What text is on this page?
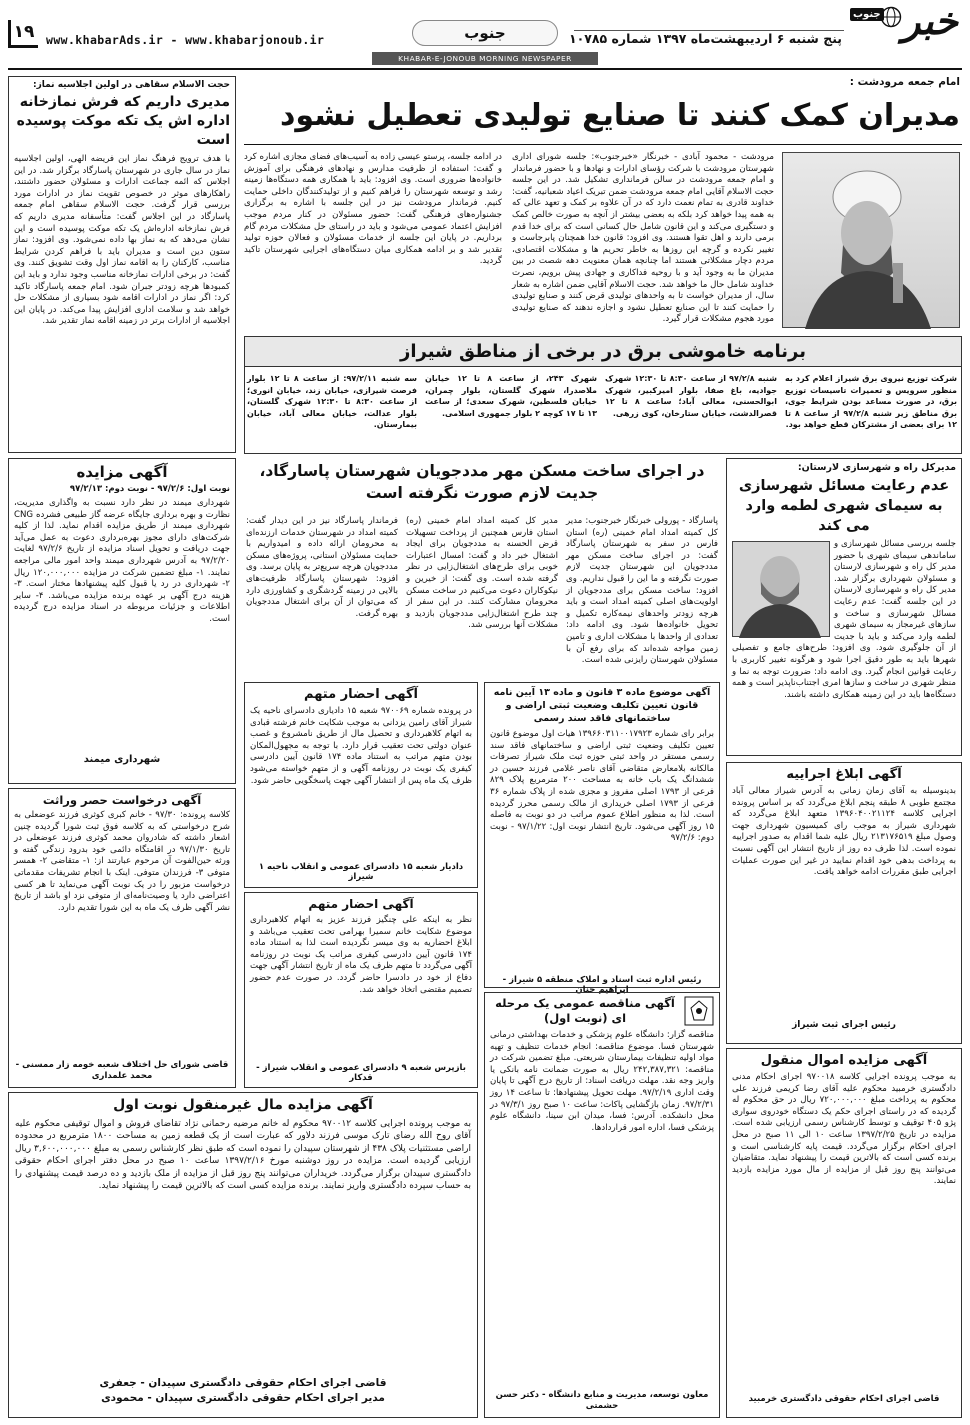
خبر
جنوب
پنج شنبه ۶ اردیبهشت‌ماه ۱۳۹۷ شماره ۱۰۷۸۵
جنوب
www.khabarAds.ir - www.khabarjonoub.ir
۱۹
KHABAR-E-JONOUB MORNING NEWSPAPER
حجت الاسلام سقاهی در اولین اجلاسیه نماز:
مدیری داریم که فرش نمازخانه اداره اش یک تکه موکت پوسیده است
با هدف ترویج فرهنگ نماز این فریضه الهی، اولین اجلاسیه نماز در سال جاری در شهرستان پاسارگاد برگزار شد. در این اجلاس که ائمه جماعت ادارات و مسئولان حضور داشتند، راهکارهای موثر در خصوص تقویت نماز در ادارات مورد بررسی قرار گرفت. حجت الاسلام سقاهی امام جمعه پاسارگاد در این اجلاس گفت: متأسفانه مدیری داریم که فرش نمازخانه اداره‌اش یک تکه موکت پوسیده است و این نشان می‌دهد که به نماز بها داده نمی‌شود. وی افزود: نماز ستون دین است و مدیران باید با فراهم کردن شرایط مناسب، کارکنان را به اقامه نماز اول وقت تشویق کنند. وی گفت: در برخی ادارات نمازخانه مناسب وجود ندارد و باید این کمبودها هرچه زودتر جبران شود. امام جمعه پاسارگاد تاکید کرد: اگر نماز در ادارات اقامه شود بسیاری از مشکلات حل خواهد شد و سلامت اداری افزایش پیدا می‌کند. در پایان این اجلاسیه از ادارات برتر در زمینه اقامه نماز تقدیر شد.
امام جمعه مرودشت :
مدیران کمک کنند تا صنایع تولیدی تعطیل نشود
مرودشت - محمود آبادی - خبرنگار «خبرجنوب»: جلسه شورای اداری شهرستان مرودشت با شرکت رؤسای ادارات و نهادها و با حضور فرماندار و امام جمعه مرودشت در سالن فرمانداری تشکیل شد. در این جلسه حجت الاسلام آقایی امام جمعه مرودشت ضمن تبریک اعیاد شعبانیه، گفت: خداوند قادری به تمام نعمت دارد که در آن علاوه بر کمک و تعهد عالی که به همه پیدا خواهد کرد بلکه به بعضی بیشتر از آنچه به صورت خالص کمک و دستگیری می‌کند و این قانون شامل حال کسانی است که برای خدا قدم برمی دارند و اهل تقوا هستند. وی افزود: قانون خدا همچنان پابرجاست و تغییر نکرده و گرچه این روزها به خاطر تحریم ها و مشکلات اقتصادی، مردم دچار مشکلاتی هستند اما چنانچه همان معنویت دهه شصت در بین مدیران ما به وجود آید و با روحیه فداکاری و جهادی پیش برویم، نصرت خداوند شامل حال ما خواهد شد. حجت الاسلام آقایی ضمن اشاره به شعار سال، از مدیران خواست تا به واحدهای تولیدی قرض کنند و صنایع تولیدی را حمایت کنند تا این صنایع تعطیل نشود و اجازه ندهند که صنایع تولیدی مورد هجوم مشکلات قرار گیرد.
در ادامه جلسه، پرستو عیسی زاده به آسیب‌های فضای مجازی اشاره کرد و گفت: استفاده از ظرفیت مدارس و نهادهای فرهنگی برای آموزش خانواده‌ها ضروری است. وی افزود: باید با همکاری همه دستگاه‌ها زمینه رشد و توسعه شهرستان را فراهم کنیم و از تولیدکنندگان داخلی حمایت کنیم. فرماندار مرودشت نیز در این جلسه با اشاره به برگزاری جشنواره‌های فرهنگی گفت: حضور مسئولان در کنار مردم موجب افزایش اعتماد عمومی می‌شود و باید در راستای حل مشکلات مردم گام برداریم. در پایان این جلسه از خدمات مسئولان و فعالان حوزه تولید تقدیر شد و بر ادامه همکاری میان دستگاه‌های اجرایی شهرستان تاکید گردید.
برنامه خاموشی برق در برخی از مناطق شیراز
شرکت توزیع نیروی برق شیراز اعلام کرد به منظور سرویس و تعمیرات تاسیسات توزیع برق، در صورت مساعد بودن شرایط جوی، برق مناطق زیر شنبه ۹۷/۲/۸ از ساعت ۸ تا ۱۲ برای بعضی از مشترکان قطع خواهد بود.
شنبه ۹۷/۲/۸ از ساعت ۸:۳۰ تا ۱۲:۳۰ شهرک جوادیه، باغ صفا، بلوار امیرکبیر، شهرک ابوالحسنی، معالی آباد؛ ساعت ۸ تا ۱۲ قصرالدشت، خیابان ستارخان، کوی زرهی.
شهرک ۲۴۳، از ساعت ۸ تا ۱۲ خیابان ملاصدرا، شهرک گلستان، بلوار چمران، خیابان فلسطین، شهرک سعدی؛ از ساعت ۱۳ تا ۱۷ کوچه ۲ بلوار جمهوری اسلامی.
سه شنبه ۹۷/۲/۱۱: از ساعت ۸ تا ۱۲ بلوار فرصت شیرازی، خیابان زند، خیابان انوری؛ از ساعت ۸:۳۰ تا ۱۲:۳۰ شهرک گلستان، بلوار عدالت، خیابان معالی آباد، خیابان بیمارستان.
مدیرکل راه و شهرسازی لارستان:
عدم رعایت مسائل شهرسازی به سیمای شهری لطمه وارد می کند
جلسه بررسی مسائل شهرسازی و ساماندهی سیمای شهری با حضور مدیر کل راه و شهرسازی لارستان و مسئولان شهرداری برگزار شد. مدیر کل راه و شهرسازی لارستان در این جلسه گفت: عدم رعایت مسائل شهرسازی و ساخت و سازهای غیرمجاز به سیمای شهری لطمه وارد می‌کند و باید با جدیت از آن جلوگیری شود. وی افزود: طرح‌های جامع و تفصیلی شهرها باید به طور دقیق اجرا شود و هرگونه تغییر کاربری با رعایت قوانین انجام گیرد. وی ادامه داد: ضرورت توجه به نما و منظر شهری در ساخت و سازها امری اجتناب‌ناپذیر است و همه دستگاه‌ها باید در این زمینه همکاری داشته باشند.
در اجرای ساخت مسکن مهر مددجویان شهرستان پاسارگاد، جدیت لازم صورت نگرفته است
پاسارگاد - پورولی خبرنگار خبرجنوب: مدیر کل کمیته امداد امام خمینی (ره) استان فارس در سفر به شهرستان پاسارگاد گفت: در اجرای ساخت مسکن مهر مددجویان این شهرستان جدیت لازم صورت نگرفته و ما این را قبول نداریم. وی افزود: ساخت مسکن برای مددجویان از اولویت‌های اصلی کمیته امداد است و باید هرچه زودتر واحدهای نیمه‌کاره تکمیل و تحویل خانواده‌ها شود. وی ادامه داد: تعدادی از واحدها با مشکلات اداری و تامین زمین مواجه شده‌اند که برای رفع آن با مسئولان شهرستان رایزنی شده است.
مدیر کل کمیته امداد امام خمینی (ره) استان فارس همچنین از پرداخت تسهیلات قرض الحسنه به مددجویان برای ایجاد اشتغال خبر داد و گفت: امسال اعتبارات خوبی برای طرح‌های اشتغال‌زایی در نظر گرفته شده است. وی گفت: از خیرین و نیکوکاران دعوت می‌کنیم در ساخت مسکن محرومان مشارکت کنند. در این سفر از چند طرح اشتغال‌زایی مددجویان بازدید و مشکلات آنها بررسی شد.
فرماندار پاسارگاد نیز در این دیدار گفت: کمیته امداد در شهرستان خدمات ارزنده‌ای به محرومان ارائه داده و امیدواریم با حمایت مسئولان استانی، پروژه‌های مسکن مددجویان هرچه سریع‌تر به پایان برسد. وی افزود: شهرستان پاسارگاد ظرفیت‌های بالایی در زمینه گردشگری و کشاورزی دارد که می‌توان از آن برای اشتغال مددجویان بهره گرفت.
آگهی مزایده
نوبت اول: ۹۷/۲/۶ - نوبت دوم: ۹۷/۲/۱۳
شهرداری میمند در نظر دارد نسبت به واگذاری مدیریت، نظارت و بهره برداری جایگاه عرضه گاز طبیعی فشرده CNG شهرداری میمند از طریق مزایده اقدام نماید. لذا از کلیه شرکت‌های دارای مجوز بهره‌برداری دعوت به عمل می‌آید جهت دریافت و تحویل اسناد مزایده از تاریخ ۹۷/۲/۶ لغایت ۹۷/۲/۲۰ به آدرس شهرداری میمند واحد امور مالی مراجعه نمایند. ۱- مبلغ تضمین شرکت در مزایده ۱۲۰,۰۰۰,۰۰۰ ریال ۲- شهرداری در رد یا قبول کلیه پیشنهادها مختار است. ۳- هزینه درج آگهی بر عهده برنده مزایده می‌باشد. ۴- سایر اطلاعات و جزئیات مربوطه در اسناد مزایده درج گردیده است.
شهرداری میمند
آگهی موضوع ماده ۳ قانون و ماده ۱۳ آیین نامه قانون تعیین تکلیف وضعیت ثبتی اراضی و ساختمانهای فاقد سند رسمی
برابر رای شماره ۱۳۹۶۶۰۳۱۱۰۰۱۷۹۲۳ هیات اول موضوع قانون تعیین تکلیف وضعیت ثبتی اراضی و ساختمانهای فاقد سند رسمی مستقر در واحد ثبتی حوزه ثبت ملک شیراز تصرفات مالکانه بلامعارض متقاضی آقای ناصر غلامی فرزند حسین در ششدانگ یک باب خانه به مساحت ۲۰۰ مترمربع پلاک ۸۲۹ فرعی از ۱۷۹۳ اصلی مفروز و مجزی شده از پلاک شماره ۳۶ فرعی از ۱۷۹۳ اصلی خریداری از مالک رسمی محرز گردیده است. لذا به منظور اطلاع عموم مراتب در دو نوبت به فاصله ۱۵ روز آگهی می‌شود. تاریخ انتشار نوبت اول: ۹۷/۱/۲۲ - نوبت دوم: ۹۷/۲/۶
رئیس اداره ثبت اسناد و املاک منطقه ۵ شیراز - ابراهیم حنان
آگهی احضار متهم
در پرونده شماره ۹۷۰۰۶۹ شعبه ۱۵ دادیاری دادسرای ناحیه یک شیراز آقای رامین یزدانی به موجب شکایت خانم فرشته قبادی به اتهام کلاهبرداری و تحصیل مال از طریق نامشروع و غصب عنوان دولتی تحت تعقیب قرار دارد. با توجه به مجهول‌المکان بودن متهم مراتب به استناد ماده ۱۷۴ قانون آیین دادرسی کیفری یک نوبت در روزنامه آگهی و از متهم خواسته می‌شود ظرف یک ماه پس از انتشار آگهی جهت پاسخگویی حاضر شود.
دادیار شعبه ۱۵ دادسرای عمومی و انقلاب ناحیه ۱ شیراز
آگهی احضار متهم
نظر به اینکه علی چنگیز فرزند عزیز به اتهام کلاهبرداری موضوع شکایت خانم سمیرا بهرامی تحت تعقیب می‌باشد و ابلاغ احضاریه به وی میسر نگردیده است لذا به استناد ماده ۱۷۴ قانون آیین دادرسی کیفری مراتب یک نوبت در روزنامه آگهی می‌گردد تا متهم ظرف یک ماه از تاریخ انتشار آگهی جهت دفاع از خود در دادسرا حاضر گردد. در صورت عدم حضور تصمیم مقتضی اتخاذ خواهد شد.
بازپرس شعبه ۹ دادسرای عمومی و انقلاب شیراز - قدکار
آگهی ابلاغ اجراییه
بدینوسیله به آقای زمان زمانی به آدرس شیراز معالی آباد مجتمع طوبی ۸ طبقه پنجم ابلاغ می‌گردد که بر اساس پرونده اجرایی کلاسه ۱۳۹۶۰۴۰۰۲۱۱۲۴ متعهد ابلاغ می‌گردد که شهرداری شیراز به موجب رای کمیسیون شهرداری جهت وصول مبلغ ۲۱۳۱۷۶۵۱۹ ریال علیه شما اقدام به صدور اجراییه نموده است. لذا ظرف ده روز از تاریخ انتشار این آگهی نسبت به پرداخت بدهی خود اقدام نمایید در غیر این صورت عملیات اجرایی طبق مقررات ادامه خواهد یافت.
رئیس اجرای ثبت شیراز
آگهی درخواست حصر وراثت
کلاسه پرونده: ۹۷/۳۰ - خانم کبری کوثری فرزند عوضعلی به شرح درخواستی که به کلاسه فوق ثبت شورا گردیده چنین اشعار داشته که شادروان محمد کوثری فرزند عوضعلی در تاریخ ۹۷/۱/۳۰ در اقامتگاه دائمی خود بدرود زندگی گفته و ورثه حین‌الفوت آن مرحوم عبارتند از: ۱- متقاضی ۲- همسر متوفی ۳- فرزندان متوفی. اینک با انجام تشریفات مقدماتی درخواست مزبور را در یک نوبت آگهی می‌نماید تا هر کسی اعتراضی دارد یا وصیت‌نامه‌ای از متوفی نزد او باشد از تاریخ نشر آگهی ظرف یک ماه به این شورا تقدیم دارد.
قاضی شورای حل اختلاف شعبه خومه زار ممسنی - محمد علمداری
آگهی مناقصه عمومی یک مرحله ای (نوبت اول)
مناقصه گزار: دانشگاه علوم پزشکی و خدمات بهداشتی درمانی شهرستان فسا. موضوع مناقصه: انجام خدمات تنظیف و تهیه مواد اولیه تنظیفات بیمارستان شریعتی. مبلغ تضمین شرکت در مناقصه: ۲۴۲,۳۸۷,۳۲۱ ریال به صورت ضمانت نامه بانکی یا واریز وجه نقد. مهلت دریافت اسناد: از تاریخ درج آگهی تا پایان وقت اداری ۹۷/۲/۱۹. مهلت تحویل پیشنهادها: تا ساعت ۱۴ روز ۹۷/۲/۳۱. زمان بازگشایی پاکات: ساعت ۱۰ صبح روز ۹۷/۳/۱ در محل دانشکده. آدرس: فسا، میدان ابن سینا، دانشگاه علوم پزشکی فسا، اداره امور قراردادها.
معاون توسعه، مدیریت و منابع دانشگاه - دکتر حسن حشمتی
آگهی مزایده اموال منقول
به موجب پرونده اجرایی کلاسه ۹۷۰۰۱۸ اجرای احکام مدنی دادگستری خرمبید محکوم علیه آقای رضا کریمی فرزند علی محکوم به پرداخت مبلغ ۷۲۰,۰۰۰,۰۰۰ ریال در حق محکوم له گردیده که در راستای اجرای حکم یک دستگاه خودروی سواری پژو ۴۰۵ توقیف و توسط کارشناس رسمی ارزیابی شده است. مزایده در تاریخ ۱۳۹۷/۲/۲۵ ساعت ۱۰ الی ۱۱ صبح در محل اجرای احکام برگزار می‌گردد. قیمت پایه کارشناسی است و برنده کسی است که بالاترین قیمت را پیشنهاد نماید. متقاضیان می‌توانند پنج روز قبل از مزایده از مال مورد مزایده بازدید نمایند.
قاضی اجرای احکام حقوقی دادگستری خرمبید
آگهی مزایده مال غیرمنقول نوبت اول
به موجب پرونده اجرایی کلاسه ۹۷۰۰۱۲ محکوم له خانم مرضیه رحمانی نژاد تقاضای فروش و اموال توقیفی محکوم علیه آقای روح الله رضای تارک موسی فرزند دلاور که عبارت است از یک قطعه زمین به مساحت ۱۸۰۰ مترمربع در محدوده اراضی مستثنیات پلاک ۴۳۸ از شهرستان سپیدان را نموده است که طبق نظر کارشناس رسمی به مبلغ ۳,۶۰۰,۰۰۰,۰۰۰ ریال ارزیابی گردیده است. مزایده در روز دوشنبه مورخ ۱۳۹۷/۲/۱۶ ساعت ۱۰ صبح در محل دفتر اجرای احکام حقوقی دادگستری سپیدان برگزار می‌گردد. خریداران می‌توانند پنج روز قبل از مزایده از ملک بازدید و ده درصد قیمت پیشنهادی را به حساب سپرده دادگستری واریز نمایند. برنده مزایده کسی است که بالاترین قیمت را پیشنهاد نماید.
قاضی اجرای احکام حقوقی دادگستری سپیدان - جعفری
مدیر اجرای احکام حقوقی دادگستری سپیدان - محمودی
